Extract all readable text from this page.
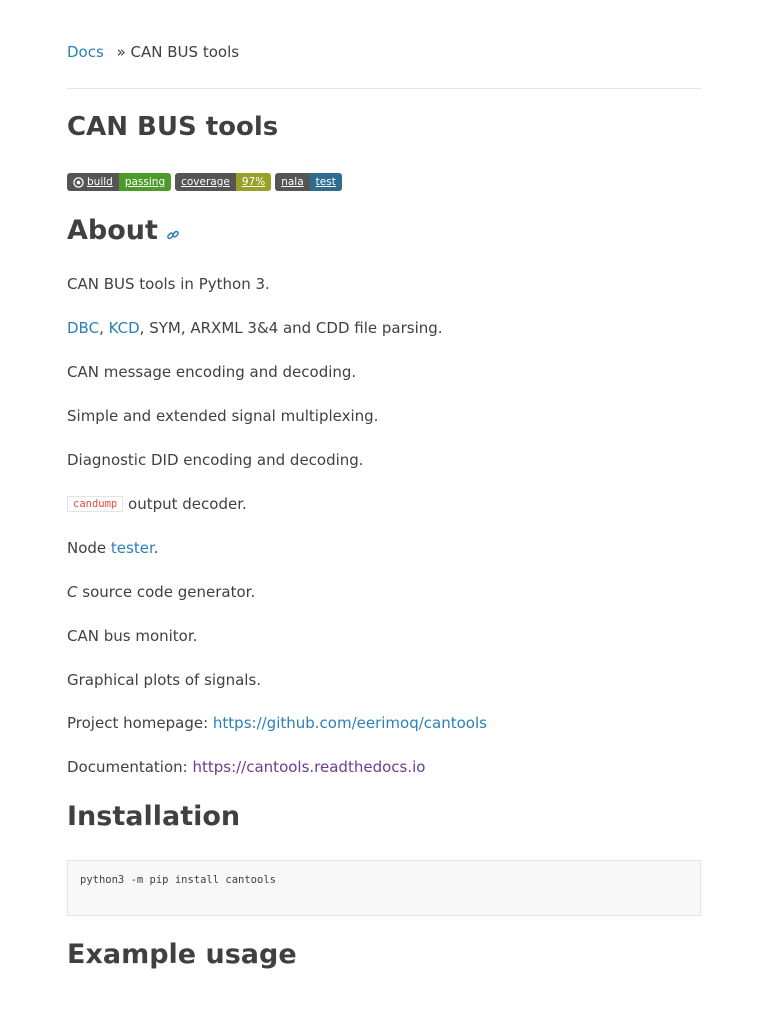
Docs » CAN BUS tools
CAN BUS tools
build	passing	coverage	97%	nala	test
About

CAN BUS tools in Python 3.

DBC, KCD, SYM, ARXML 3&4 and CDD file parsing.

CAN message encoding and decoding.

Simple and extended signal multiplexing.

Diagnostic DID encoding and decoding.

candump output decoder.

Node tester.

C source code generator.

CAN bus monitor.

Graphical plots of signals.

Project homepage: https://github.com/eerimoq/cantools

Documentation: https://cantools.readthedocs.io

Installation
python3 -m pip install cantools
Example usage
